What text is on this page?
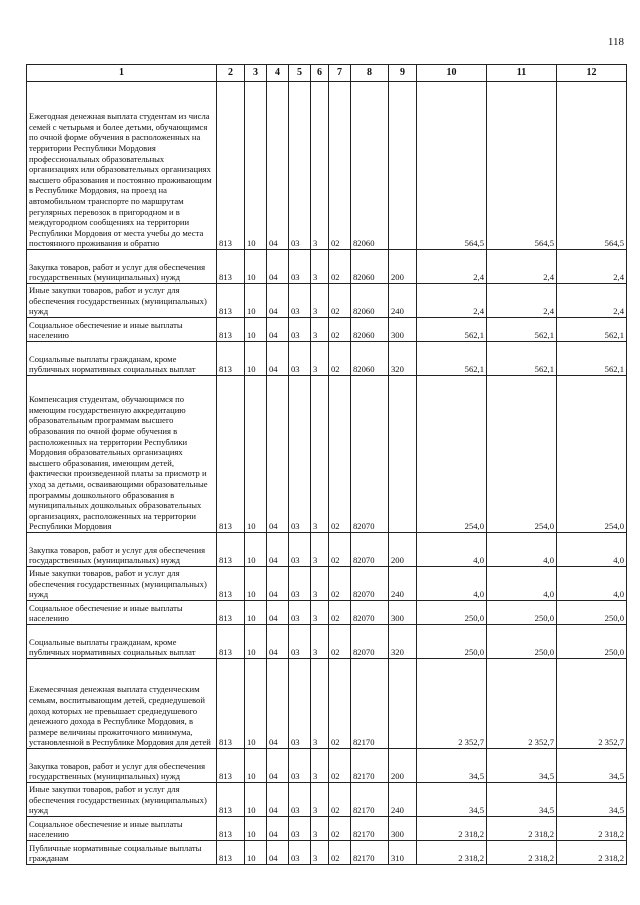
118
1	2	3	4	5	6	7	8	9	10	11	12
Ежегодная денежная выплата студентам из числа семей с четырьмя и более детьми, обучающимся по очной форме обучения в расположенных на территории Республики Мордовия профессиональных образовательных организациях или образовательных организациях высшего образования и постоянно проживающим в Республике Мордовия, на проезд на автомобильном транспорте по маршрутам регулярных перевозок в пригородном и в междугородном сообщениях на территории Республики Мордовия от места учебы до места постоянного проживания и обратно	813	10	04	03	3	02	82060		564,5	564,5	564,5
Закупка товаров, работ и услуг для обеспечения государственных (муниципальных) нужд	813	10	04	03	3	02	82060	200	2,4	2,4	2,4
Иные закупки товаров, работ и услуг для обеспечения государственных (муниципальных) нужд	813	10	04	03	3	02	82060	240	2,4	2,4	2,4
Социальное обеспечение и иные выплаты населению	813	10	04	03	3	02	82060	300	562,1	562,1	562,1
Социальные выплаты гражданам, кроме публичных нормативных социальных выплат	813	10	04	03	3	02	82060	320	562,1	562,1	562,1
Компенсация студентам, обучающимся по имеющим государственную аккредитацию образовательным программам высшего образования по очной форме обучения в расположенных на территории Республики Мордовия образовательных организациях высшего образования, имеющим детей, фактически произведенной платы за присмотр и уход за детьми, осваивающими образовательные программы дошкольного образования в муниципальных дошкольных образовательных организациях, расположенных на территории Республики Мордовия	813	10	04	03	3	02	82070		254,0	254,0	254,0
Закупка товаров, работ и услуг для обеспечения государственных (муниципальных) нужд	813	10	04	03	3	02	82070	200	4,0	4,0	4,0
Иные закупки товаров, работ и услуг для обеспечения государственных (муниципальных) нужд	813	10	04	03	3	02	82070	240	4,0	4,0	4,0
Социальное обеспечение и иные выплаты населению	813	10	04	03	3	02	82070	300	250,0	250,0	250,0
Социальные выплаты гражданам, кроме публичных нормативных социальных выплат	813	10	04	03	3	02	82070	320	250,0	250,0	250,0
Ежемесячная денежная выплата студенческим семьям, воспитывающим детей, среднедушевой доход которых не превышает среднедушевого денежного дохода в Республике Мордовия, в размере величины прожиточного минимума, установленной в Республике Мордовия для детей	813	10	04	03	3	02	82170		2 352,7	2 352,7	2 352,7
Закупка товаров, работ и услуг для обеспечения государственных (муниципальных) нужд	813	10	04	03	3	02	82170	200	34,5	34,5	34,5
Иные закупки товаров, работ и услуг для обеспечения государственных (муниципальных) нужд	813	10	04	03	3	02	82170	240	34,5	34,5	34,5
Социальное обеспечение и иные выплаты населению	813	10	04	03	3	02	82170	300	2 318,2	2 318,2	2 318,2
Публичные нормативные социальные выплаты гражданам	813	10	04	03	3	02	82170	310	2 318,2	2 318,2	2 318,2
